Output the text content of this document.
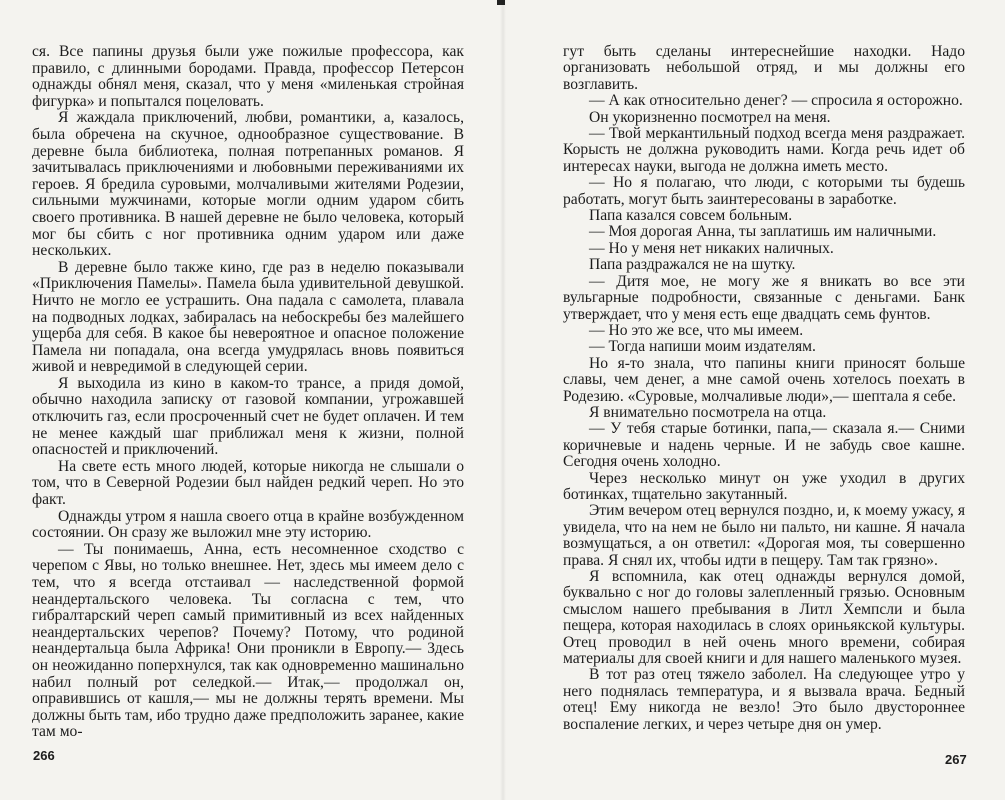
ся. Все папины друзья были уже пожилые профессора, как правило, с длинными бородами. Правда, профессор Петерсон однажды обнял меня, сказал, что у меня «миленькая стройная фигурка» и попытался поцеловать.

Я жаждала приключений, любви, романтики, а, казалось, была обречена на скучное, однообразное существование. В деревне была библиотека, полная потрепанных романов. Я зачитывалась приключениями и любовными переживаниями их героев. Я бредила суровыми, молчаливыми жителями Родезии, сильными мужчинами, которые могли одним ударом сбить своего противника. В нашей деревне не было человека, который мог бы сбить с ног противника одним ударом или даже нескольких.

В деревне было также кино, где раз в неделю показывали «Приключения Памелы». Памела была удивительной девушкой. Ничто не могло ее устрашить. Она падала с самолета, плавала на подводных лодках, забиралась на небоскребы без малейшего ущерба для себя. В какое бы невероятное и опасное положение Памела ни попадала, она всегда умудрялась вновь появиться живой и невредимой в следующей серии.

Я выходила из кино в каком-то трансе, а придя домой, обычно находила записку от газовой компании, угрожавшей отключить газ, если просроченный счет не будет оплачен. И тем не менее каждый шаг приближал меня к жизни, полной опасностей и приключений.

На свете есть много людей, которые никогда не слышали о том, что в Северной Родезии был найден редкий череп. Но это факт.

Однажды утром я нашла своего отца в крайне возбужденном состоянии. Он сразу же выложил мне эту историю.

— Ты понимаешь, Анна, есть несомненное сходство с черепом с Явы, но только внешнее. Нет, здесь мы имеем дело с тем, что я всегда отстаивал — наследственной формой неандертальского человека. Ты согласна с тем, что гибралтарский череп самый примитивный из всех найденных неандертальских черепов? Почему? Потому, что родиной неандертальца была Африка! Они проникли в Европу.— Здесь он неожиданно поперхнулся, так как одновременно машинально набил полный рот селедкой.— Итак,— продолжал он, оправившись от кашля,— мы не должны терять времени. Мы должны быть там, ибо трудно даже предположить заранее, какие там мо-

266

гут быть сделаны интереснейшие находки. Надо организовать небольшой отряд, и мы должны его возглавить.

— А как относительно денег? — спросила я осторожно.

Он укоризненно посмотрел на меня.

— Твой меркантильный подход всегда меня раздражает. Корысть не должна руководить нами. Когда речь идет об интересах науки, выгода не должна иметь место.

— Но я полагаю, что люди, с которыми ты будешь работать, могут быть заинтересованы в заработке.

Папа казался совсем больным.

— Моя дорогая Анна, ты заплатишь им наличными.

— Но у меня нет никаких наличных.

Папа раздражался не на шутку.

— Дитя мое, не могу же я вникать во все эти вульгарные подробности, связанные с деньгами. Банк утверждает, что у меня есть еще двадцать семь фунтов.

— Но это же все, что мы имеем.

— Тогда напиши моим издателям.

Но я-то знала, что папины книги приносят больше славы, чем денег, а мне самой очень хотелось поехать в Родезию. «Суровые, молчаливые люди»,— шептала я себе.

Я внимательно посмотрела на отца.

— У тебя старые ботинки, папа,— сказала я.— Сними коричневые и надень черные. И не забудь свое кашне. Сегодня очень холодно.

Через несколько минут он уже уходил в других ботинках, тщательно закутанный.

Этим вечером отец вернулся поздно, и, к моему ужасу, я увидела, что на нем не было ни пальто, ни кашне. Я начала возмущаться, а он ответил: «Дорогая моя, ты совершенно права. Я снял их, чтобы идти в пещеру. Там так грязно».

Я вспомнила, как отец однажды вернулся домой, буквально с ног до головы залепленный грязью. Основным смыслом нашего пребывания в Литл Хемпсли и была пещера, которая находилась в слоях ориньякской культуры. Отец проводил в ней очень много времени, собирая материалы для своей книги и для нашего маленького музея.

В тот раз отец тяжело заболел. На следующее утро у него поднялась температура, и я вызвала врача. Бедный отец! Ему никогда не везло! Это было двустороннее воспаление легких, и через четыре дня он умер.

267
